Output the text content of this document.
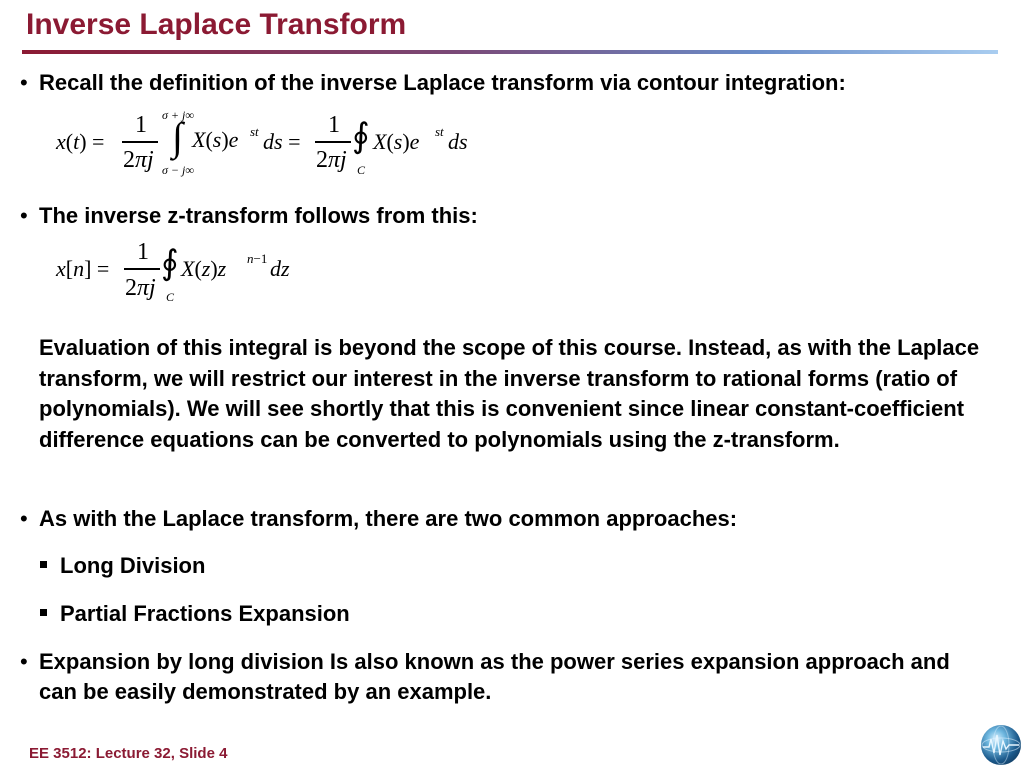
Inverse Laplace Transform
• Recall the definition of the inverse Laplace transform via contour integration:
x(t) =
1
2πj
σ + j∞
∫
σ − j∞
X(s)e st ds =
1
2πj
∮
C
X(s)e st ds
• The inverse z-transform follows from this:
x[n] =
1
2πj
∮
C
X(z)z n−1 dz
Evaluation of this integral is beyond the scope of this course. Instead, as with the Laplace transform, we will restrict our interest in the inverse transform to rational forms (ratio of polynomials). We will see shortly that this is convenient since linear constant-coefficient difference equations can be converted to polynomials using the z-transform.
• As with the Laplace transform, there are two common approaches:
Long Division
Partial Fractions Expansion
• Expansion by long division Is also known as the power series expansion approach and can be easily demonstrated by an example.
EE 3512: Lecture 32, Slide 4
